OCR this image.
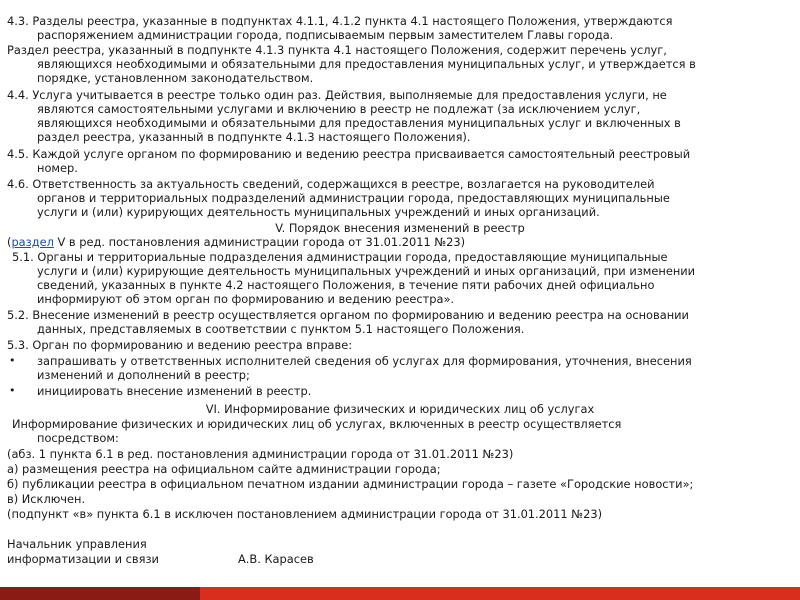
4.3. Разделы реестра, указанные в подпунктах 4.1.1, 4.1.2 пункта 4.1 настоящего Положения, утверждаются
распоряжением администрации города, подписываемым первым заместителем Главы города.
Раздел реестра, указанный в подпункте 4.1.3 пункта 4.1 настоящего Положения, содержит перечень услуг,
являющихся необходимыми и обязательными для предоставления муниципальных услуг, и утверждается в
порядке, установленном законодательством.
4.4. Услуга учитывается в реестре только один раз. Действия, выполняемые для предоставления услуги, не
являются самостоятельными услугами и включению в реестр не подлежат (за исключением услуг,
являющихся необходимыми и обязательными для предоставления муниципальных услуг и включенных в
раздел реестра, указанный в подпункте 4.1.3 настоящего Положения).
4.5. Каждой услуге органом по формированию и ведению реестра присваивается самостоятельный реестровый
номер.
4.6. Ответственность за актуальность сведений, содержащихся в реестре, возлагается на руководителей
органов и территориальных подразделений администрации города, предоставляющих муниципальные
услуги и (или) курирующих деятельность муниципальных учреждений и иных организаций.
V. Порядок внесения изменений в реестр
(раздел V в ред. постановления администрации города от 31.01.2011 №23)
5.1. Органы и территориальные подразделения администрации города, предоставляющие муниципальные
услуги и (или) курирующие деятельность муниципальных учреждений и иных организаций, при изменении
сведений, указанных в пункте 4.2 настоящего Положения, в течение пяти рабочих дней официально
информируют об этом орган по формированию и ведению реестра».
5.2. Внесение изменений в реестр осуществляется органом по формированию и ведению реестра на основании
данных, представляемых в соответствии с пунктом 5.1 настоящего Положения.
5.3. Орган по формированию и ведению реестра вправе:
• запрашивать у ответственных исполнителей сведения об услугах для формирования, уточнения, внесения
изменений и дополнений в реестр;
• инициировать внесение изменений в реестр.
VI. Информирование физических и юридических лиц об услугах
Информирование физических и юридических лиц об услугах, включенных в реестр осуществляется
посредством:
(абз. 1 пункта 6.1 в ред. постановления администрации города от 31.01.2011 №23)
а) размещения реестра на официальном сайте администрации города;
б) публикации реестра в официальном печатном издании администрации города – газете «Городские новости»;
в) Исключен.
(подпункт «в» пункта 6.1 в исключен постановлением администрации города от 31.01.2011 №23)
Начальник управления
информатизации и связи	А.В. Карасев
